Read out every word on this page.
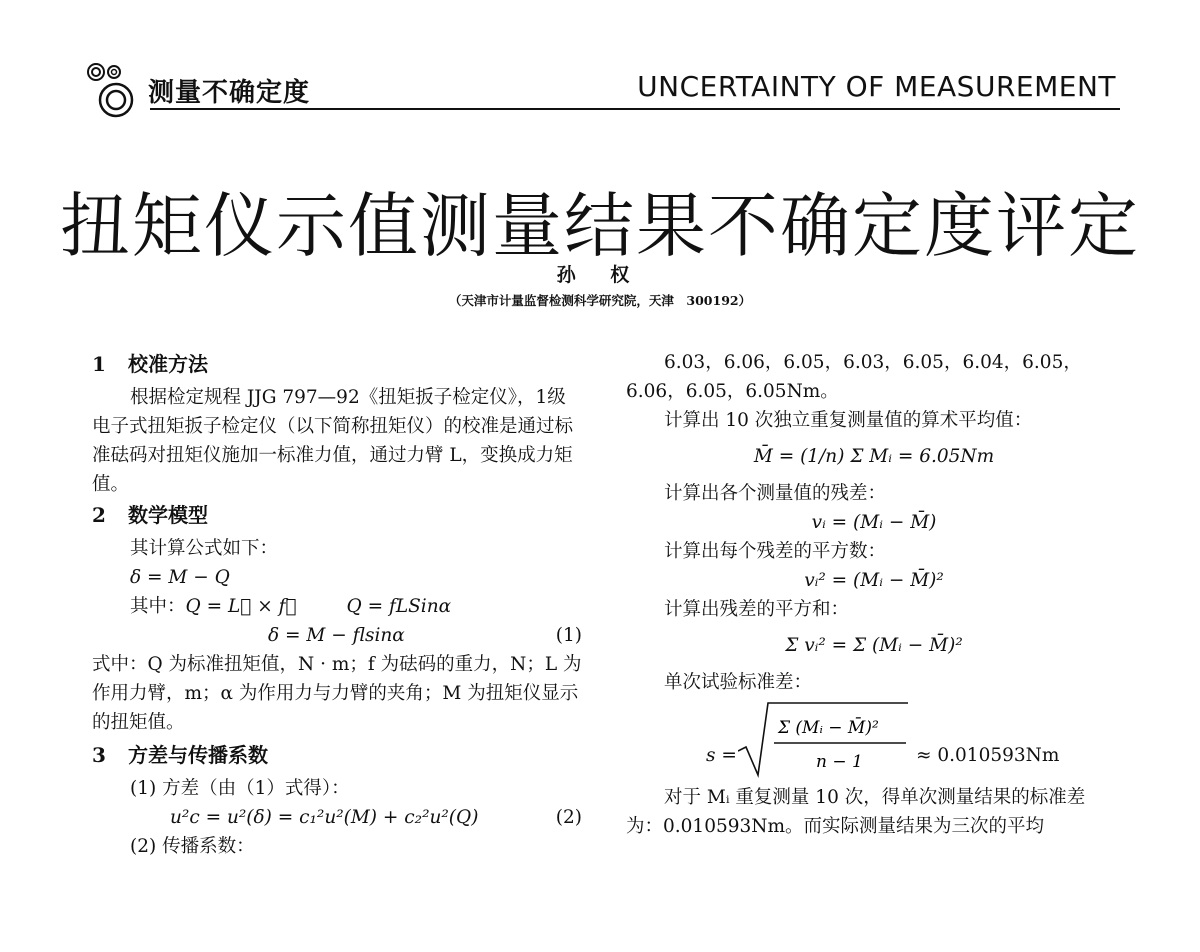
测量不确定度	UNCERTAINTY OF MEASUREMENT
扭矩仪示值测量结果不确定度评定
孙 权
（天津市计量监督检测科学研究院，天津　300192）
1 校准方法

根据检定规程 JJG 797—92《扭矩扳子检定仪》，1级电子式扭矩扳子检定仪（以下简称扭矩仪）的校准是通过标准砝码对扭矩仪施加一标准力值，通过力臂 L，变换成力矩值。

2 数学模型

其计算公式如下：

δ = M − Q

其中：Q = L⃗ × f⃗	Q = fLSinα

δ = M − flsinα	(1)

式中：Q 为标准扭矩值，N · m；f 为砝码的重力，N；L 为作用力臂，m；α 为作用力与力臂的夹角；M 为扭矩仪显示的扭矩值。

3 方差与传播系数

(1) 方差（由（1）式得）：

u²c = u²(δ) = c₁²u²(M) + c₂²u²(Q)	(2)

(2) 传播系数：

6.03，6.06，6.05，6.03，6.05，6.04，6.05，

6.06，6.05，6.05Nm。

计算出 10 次独立重复测量值的算术平均值：

M̄ = (1/n) Σ Mᵢ = 6.05Nm

计算出各个测量值的残差：

vᵢ = (Mᵢ − M̄)

计算出每个残差的平方数：

vᵢ² = (Mᵢ − M̄)²

计算出残差的平方和：

Σ vᵢ² = Σ (Mᵢ − M̄)²

单次试验标准差：

s =
Σ (Mᵢ − M̄)²
n − 1	≈ 0.010593Nm

对于 Mᵢ 重复测量 10 次，得单次测量结果的标准差为：0.010593Nm。而实际测量结果为三次的平均
